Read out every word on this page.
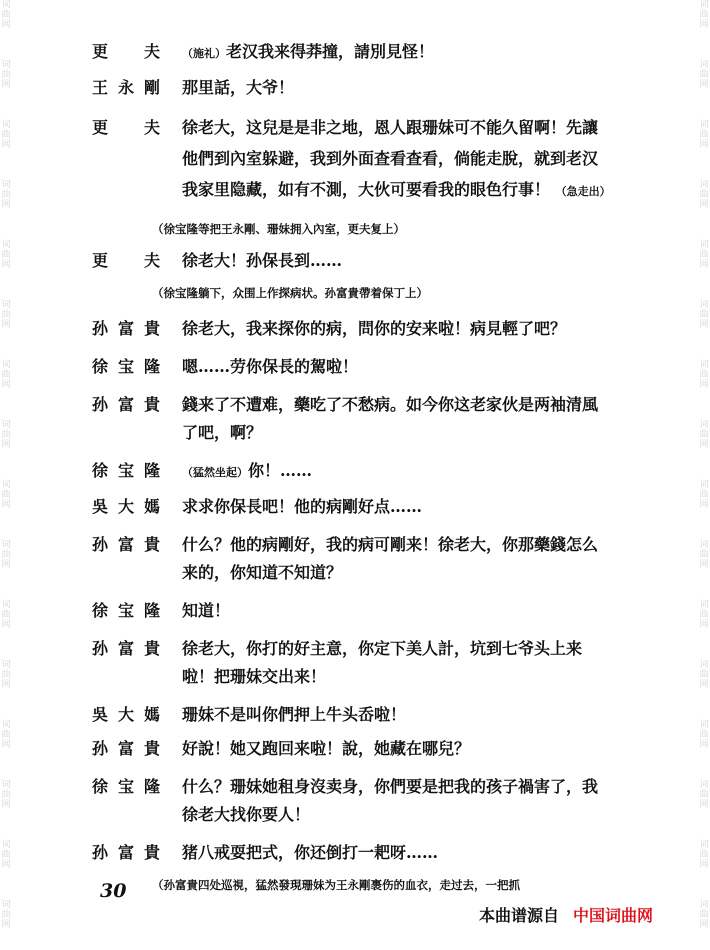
词
曲
网
词
曲
网
词
曲
网
词
曲
网
词
曲
网
词
曲
网
词
曲
网
词
曲
网
词
曲
网
词
曲
网
词
曲
网
词
曲
网
词
曲
网
词
曲
网
词
曲
网
词
曲
网
词
曲
网
词
曲
网
词
曲
网
词
曲
网
词
曲
网
词
曲
网
词
曲
网
词
曲
网
词
曲
网
词
曲
网
词
曲
网
词
曲
网
词
曲
网
词
曲
网
词
曲
网
词
曲
网
更　夫 （施礼）老汉我来得莽撞，請別見怪！
王永剛 那里話，大爷！
更　夫 徐老大，这兒是是非之地，恩人跟珊妹可不能久留啊！先讓他們到內室躲避，我到外面查看查看，倘能走脫，就到老汉我家里隐藏，如有不測，大伙可要看我的眼色行事！ （急走出）
（徐宝隆等把王永剛、珊妹拥入內室，更夫复上）
更　夫 徐老大！孙保長到……
（徐宝隆躺下，众围上作探病状。孙富貴帶着保丁上）
孙富貴 徐老大，我来探你的病，問你的安来啦！病見輕了吧？
徐宝隆 嗯……劳你保長的駕啦！
孙富貴 錢来了不遭难，藥吃了不愁病。如今你这老家伙是两袖清風了吧，啊？
徐宝隆 （猛然坐起）你！……
吳大媽 求求你保長吧！他的病剛好点……
孙富貴 什么？他的病剛好，我的病可剛来！徐老大，你那藥錢怎么来的，你知道不知道？
徐宝隆 知道！
孙富貴 徐老大，你打的好主意，你定下美人計，坑到七爷头上来啦！把珊妹交出来！
吳大媽 珊妹不是叫你們押上牛头岙啦！
孙富貴 好說！她又跑回来啦！說，她藏在哪兒？
徐宝隆 什么？珊妹她租身沒卖身，你們要是把我的孩子禍害了，我徐老大找你要人！
孙富貴 猪八戒耍把式，你还倒打一耙呀……
（孙富貴四处巡視，猛然發現珊妹为王永剛裹伤的血衣，走过去，一把抓
30
本曲谱源自 中国词曲网
